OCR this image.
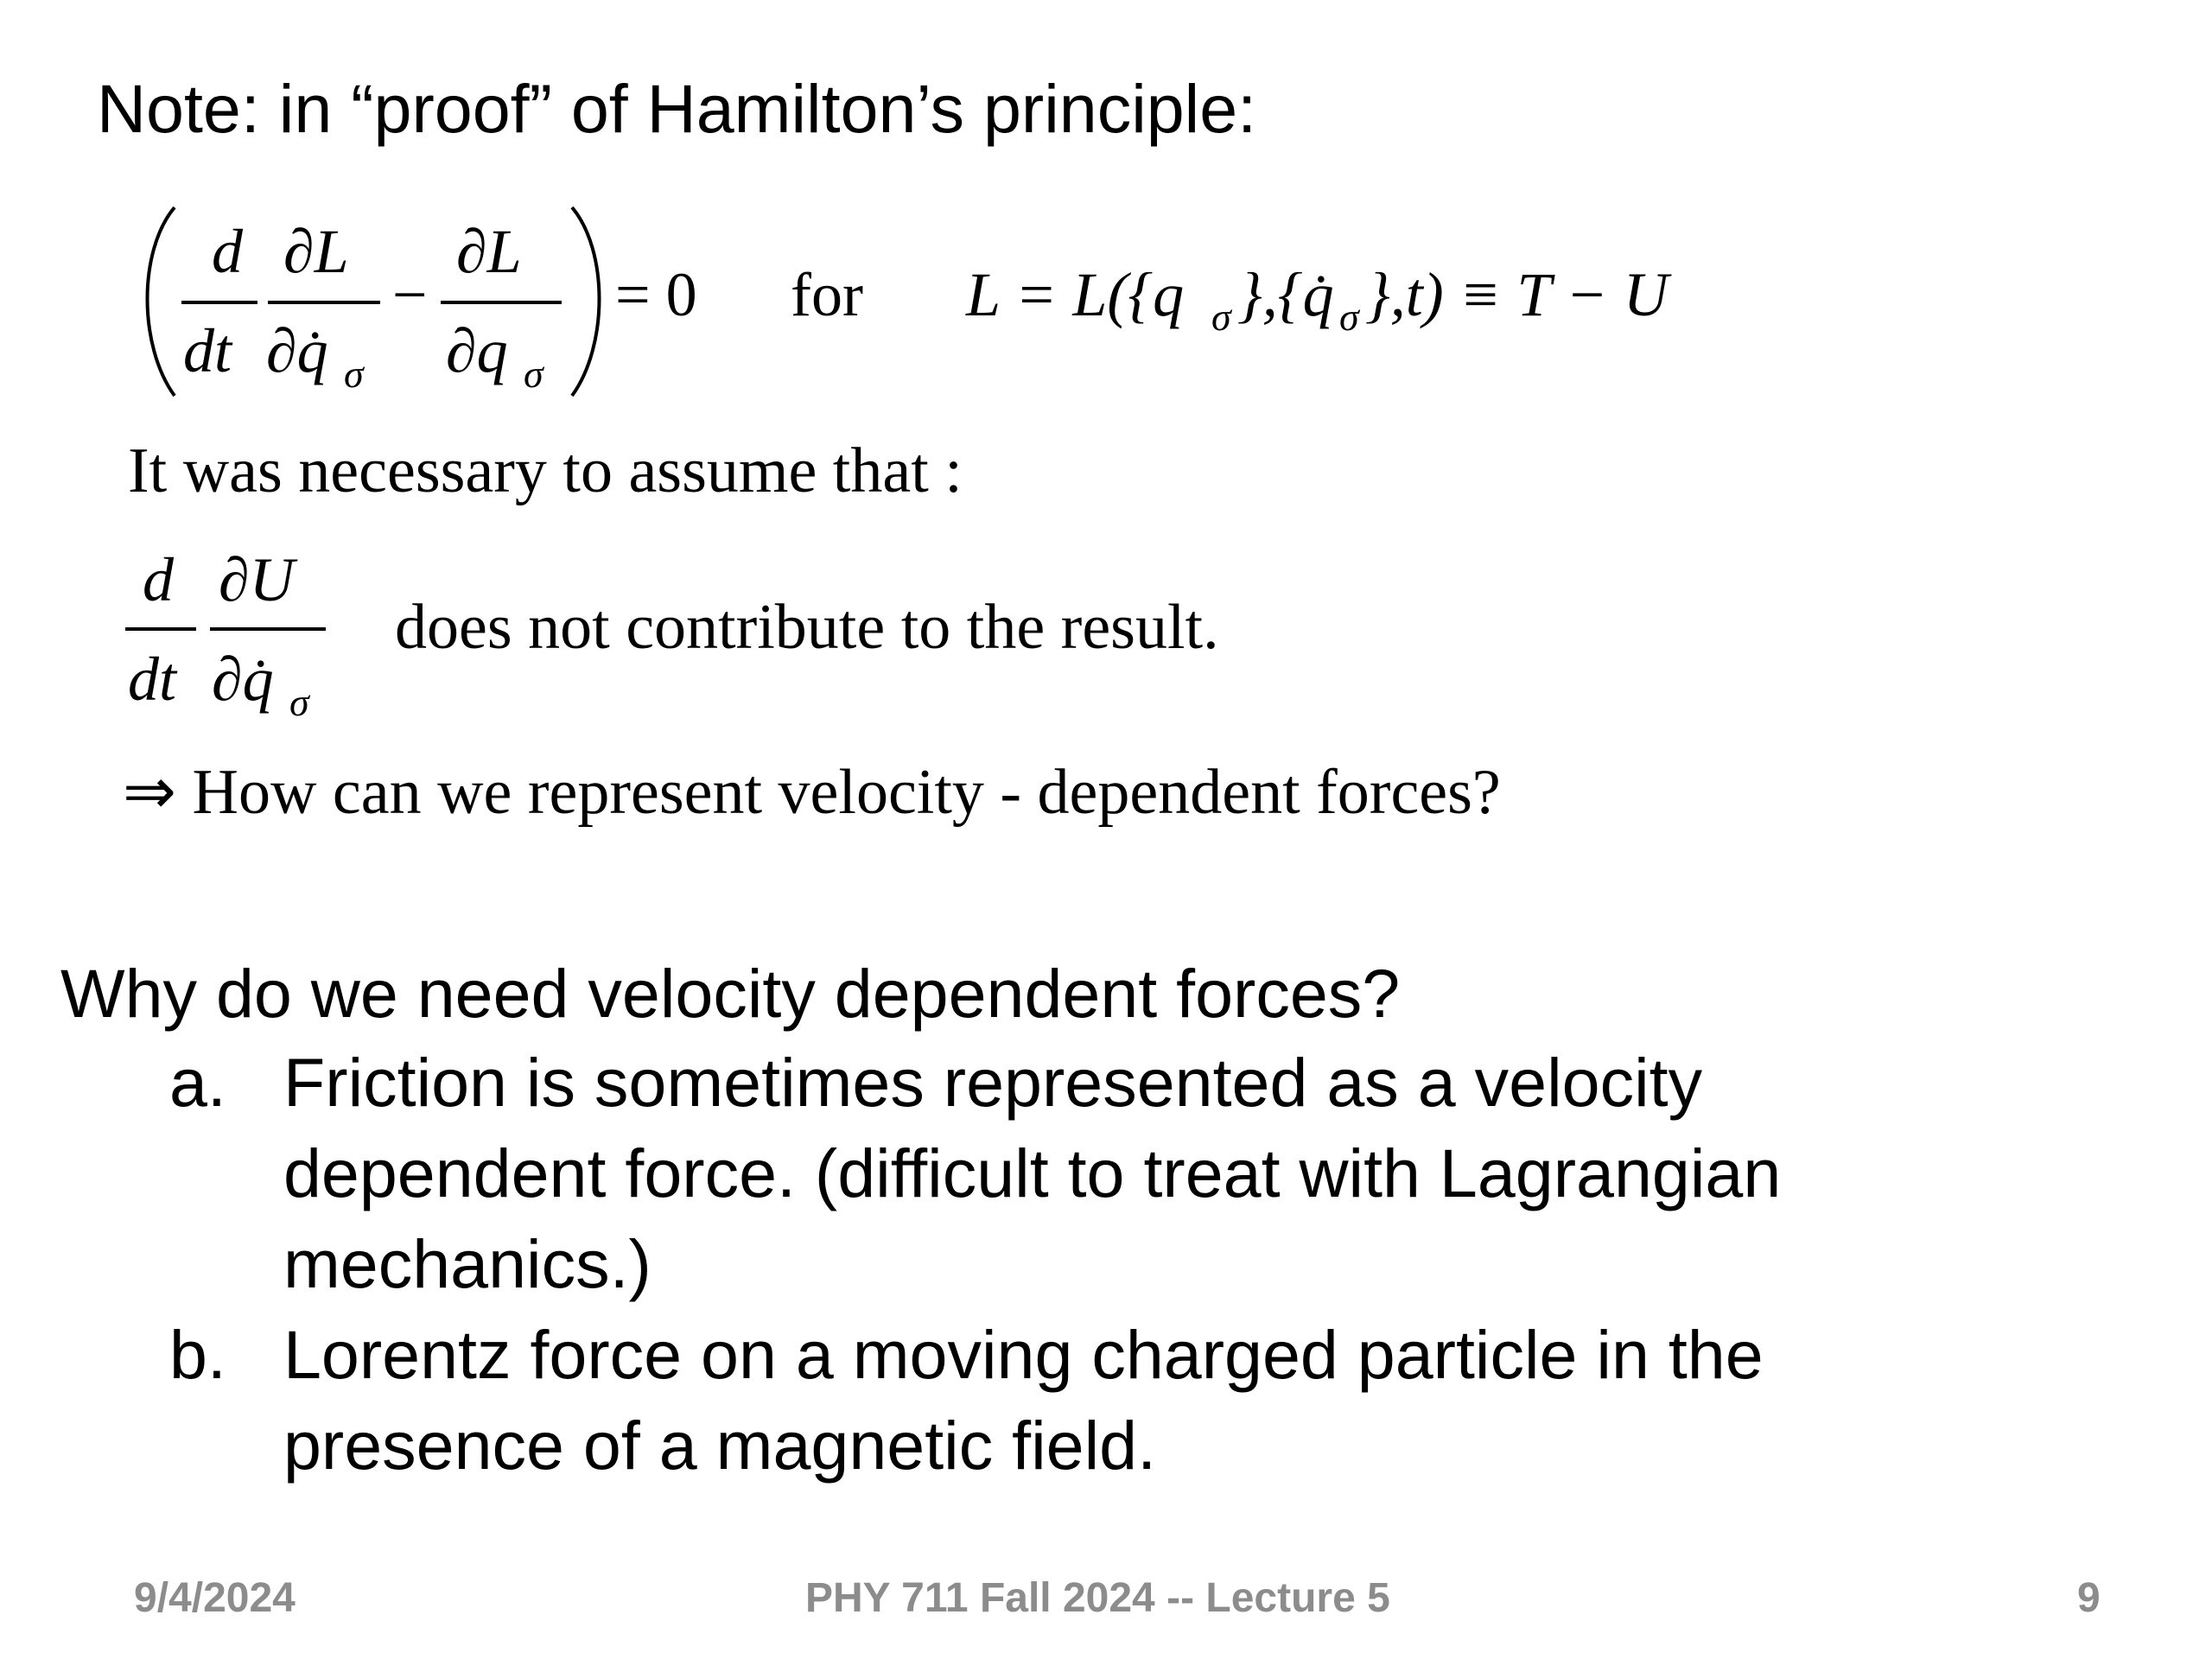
Note: in “proof” of Hamilton’s principle:
d
dt
∂L
∂q̇ σ
−
∂L
∂q σ
= 0 for L = L({q σ },{q̇ σ },t) ≡ T − U
It was necessary to assume that :
d
dt
∂U
∂q̇ σ
does not contribute to the result.
⇒ How can we represent velocity - dependent forces?
Why do we need velocity dependent forces?
a. Friction is sometimes represented as a velocity
dependent force. (difficult to treat with Lagrangian
mechanics.)
b. Lorentz force on a moving charged particle in the
presence of a magnetic field.
9/4/2024	PHY 711 Fall 2024 -- Lecture 5	9
